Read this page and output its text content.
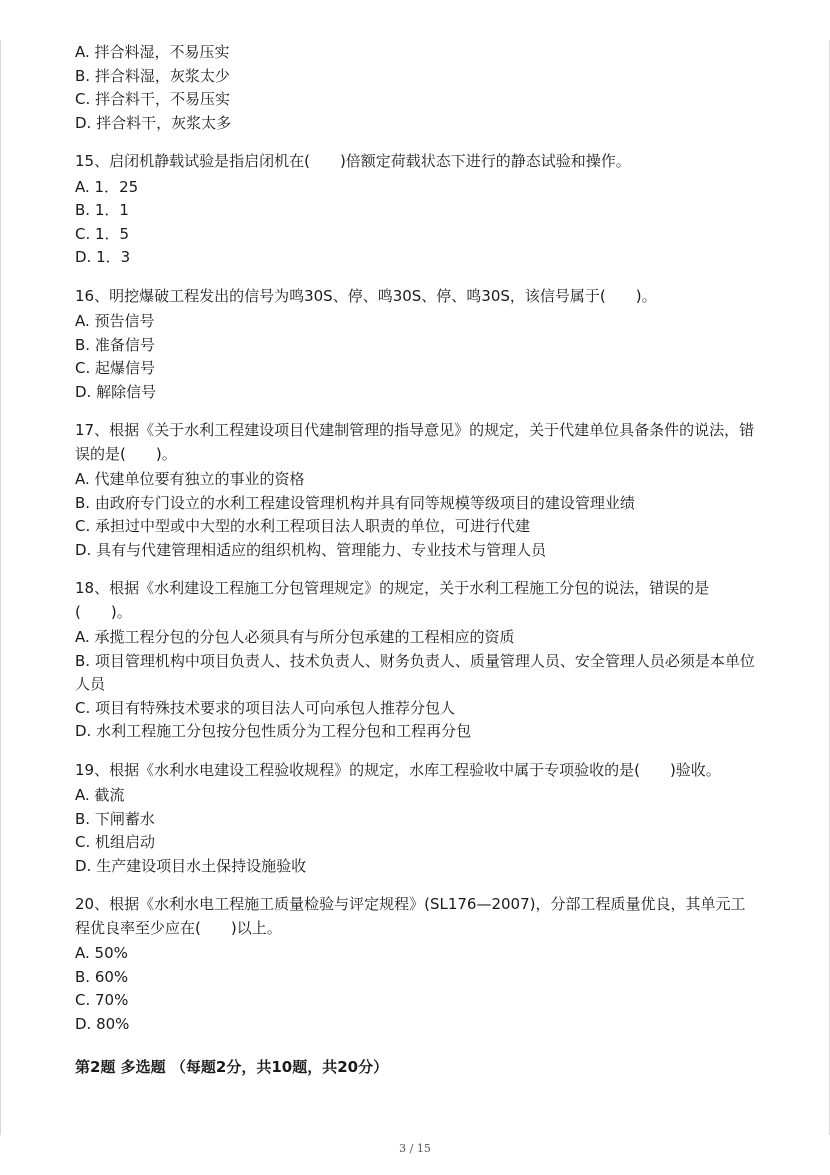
A. 拌合料湿，不易压实
B. 拌合料湿，灰浆太少
C. 拌合料干，不易压实
D. 拌合料干，灰浆太多
15、启闭机静载试验是指启闭机在(　　)倍额定荷载状态下进行的静态试验和操作。
A. 1．25
B. 1．1
C. 1．5
D. 1．3
16、明挖爆破工程发出的信号为鸣30S、停、鸣30S、停、鸣30S，该信号属于(　　)。
A. 预告信号
B. 准备信号
C. 起爆信号
D. 解除信号
17、根据《关于水利工程建设项目代建制管理的指导意见》的规定，关于代建单位具备条件的说法，错误的是(　　)。
A. 代建单位要有独立的事业的资格
B. 由政府专门设立的水利工程建设管理机构并具有同等规模等级项目的建设管理业绩
C. 承担过中型或中大型的水利工程项目法人职责的单位，可进行代建
D. 具有与代建管理相适应的组织机构、管理能力、专业技术与管理人员
18、根据《水利建设工程施工分包管理规定》的规定，关于水利工程施工分包的说法，错误的是(　　)。
A. 承揽工程分包的分包人必须具有与所分包承建的工程相应的资质
B. 项目管理机构中项目负责人、技术负责人、财务负责人、质量管理人员、安全管理人员必须是本单位人员
C. 项目有特殊技术要求的项目法人可向承包人推荐分包人
D. 水利工程施工分包按分包性质分为工程分包和工程再分包
19、根据《水利水电建设工程验收规程》的规定，水库工程验收中属于专项验收的是(　　)验收。
A. 截流
B. 下闸蓄水
C. 机组启动
D. 生产建设项目水土保持设施验收
20、根据《水利水电工程施工质量检验与评定规程》(SL176—2007)，分部工程质量优良，其单元工程优良率至少应在(　　)以上。
A. 50%
B. 60%
C. 70%
D. 80%
第2题 多选题 （每题2分，共10题，共20分）
3 / 15
